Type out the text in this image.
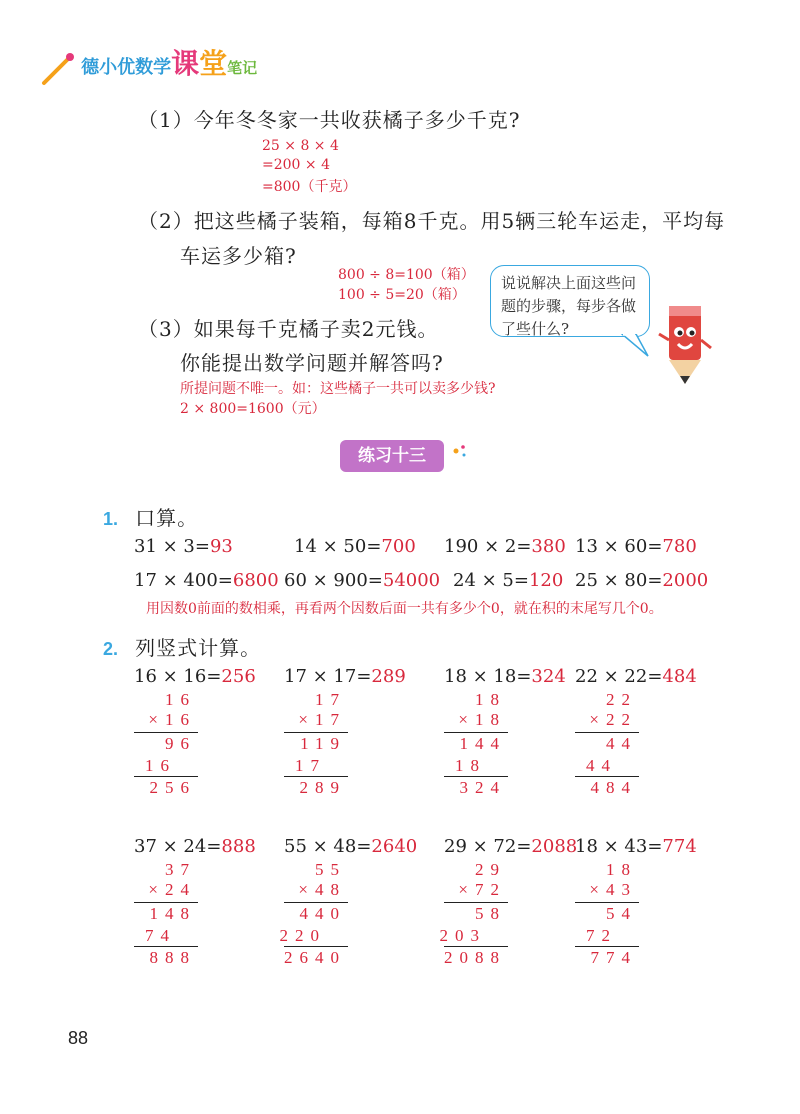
德小优数学课堂笔记
（1）今年冬冬家一共收获橘子多少千克?
25 × 8 × 4
=200 × 4
=800（千克）
（2）把这些橘子装箱，每箱8千克。用5辆三轮车运走，平均每
车运多少箱?
800 ÷ 8=100（箱）
100 ÷ 5=20（箱）
说说解决上面这些问题的步骤，每步各做了些什么?
（3）如果每千克橘子卖2元钱。
你能提出数学问题并解答吗?
所提问题不唯一。如：这些橘子一共可以卖多少钱?
2 × 800=1600（元）
练习十三
1. 口算。
31 × 3=93	14 × 50=700 190 × 2=380 13 × 60=780
17 × 400=6800 60 × 900=54000 24 × 5=120 25 × 80=2000
用因数0前面的数相乘，再看两个因数后面一共有多少个0，就在积的末尾写几个0。
2. 列竖式计算。
16 × 16=256
16
×16
96
16
256
17 × 17=289
17
×17
119
17
289
18 × 18=324
18
×18
144
18
324
22 × 22=484
22
×22
44
44
484
37 × 24=888
37
×24
148
74
888
55 × 48=2640
55
×48
440
220
2640
29 × 72=2088
29
×72
58
203
2088
18 × 43=774
18
×43
54
72
774
88
